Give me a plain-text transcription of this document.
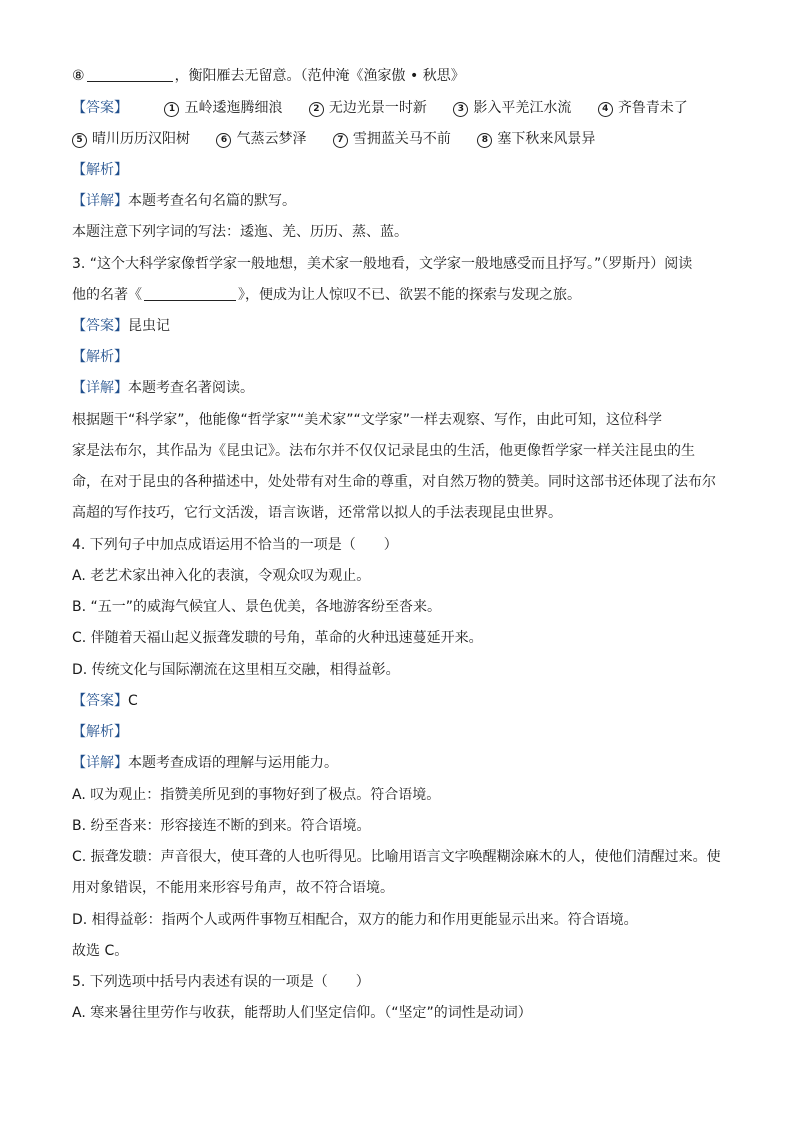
⑧	，衡阳雁去无留意。（范仲淹《渔家傲 • 秋思》
【答案】	1 五岭逶迤腾细浪	2 无边光景一时新	3 影入平羌江水流	4 齐鲁青未了
5 晴川历历汉阳树	6 气蒸云梦泽	7 雪拥蓝关马不前	8 塞下秋来风景异
【解析】
【详解】本题考查名句名篇的默写。
本题注意下列字词的写法：逶迤、羌、历历、蒸、蓝。
3. “这个大科学家像哲学家一般地想，美术家一般地看，文学家一般地感受而且抒写。”（罗斯丹）阅读
他的名著《	》，便成为让人惊叹不已、欲罢不能的探索与发现之旅。
【答案】昆虫记
【解析】
【详解】本题考查名著阅读。
根据题干“科学家”，他能像“哲学家”“美术家”“文学家”一样去观察、写作，由此可知，这位科学
家是法布尔，其作品为《昆虫记》。法布尔并不仅仅记录昆虫的生活，他更像哲学家一样关注昆虫的生
命，在对于昆虫的各种描述中，处处带有对生命的尊重，对自然万物的赞美。同时这部书还体现了法布尔
高超的写作技巧，它行文活泼，语言诙谐，还常常以拟人的手法表现昆虫世界。
4. 下列句子中加点成语运用不恰当的一项是（　　）
A. 老艺术家出神入化的表演，令观众叹为观止。
B. “五一”的威海气候宜人、景色优美，各地游客纷至沓来。
C. 伴随着天福山起义振聋发聩的号角，革命的火种迅速蔓延开来。
D. 传统文化与国际潮流在这里相互交融，相得益彰。
【答案】C
【解析】
【详解】本题考查成语的理解与运用能力。
A. 叹为观止：指赞美所见到的事物好到了极点。符合语境。
B. 纷至沓来：形容接连不断的到来。符合语境。
C. 振聋发聩：声音很大，使耳聋的人也听得见。比喻用语言文字唤醒糊涂麻木的人，使他们清醒过来。使
用对象错误，不能用来形容号角声，故不符合语境。
D. 相得益彰：指两个人或两件事物互相配合，双方的能力和作用更能显示出来。符合语境。
故选 C。
5. 下列选项中括号内表述有误的一项是（　　）
A. 寒来暑往里劳作与收获，能帮助人们坚定信仰。（“坚定”的词性是动词）
